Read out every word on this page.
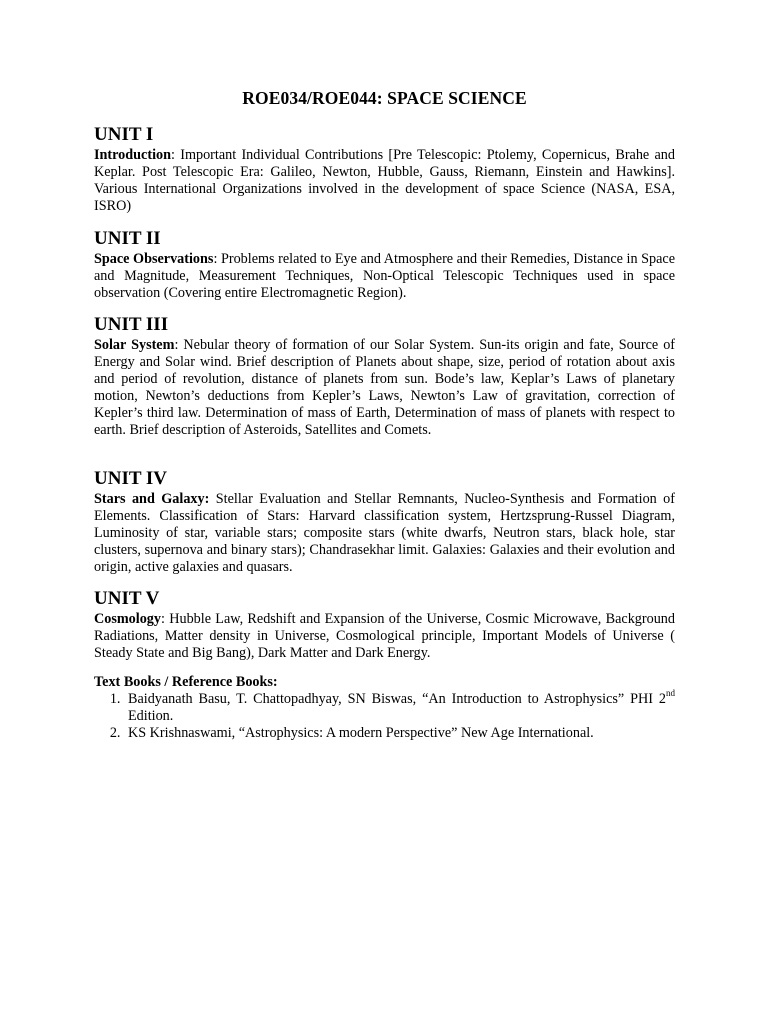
ROE034/ROE044: SPACE SCIENCE
UNIT I

Introduction: Important Individual Contributions [Pre Telescopic: Ptolemy, Copernicus, Brahe and Keplar. Post Telescopic Era: Galileo, Newton, Hubble, Gauss, Riemann, Einstein and Hawkins]. Various International Organizations involved in the development of space Science (NASA, ESA, ISRO)

UNIT II

Space Observations: Problems related to Eye and Atmosphere and their Remedies, Distance in Space and Magnitude, Measurement Techniques, Non-Optical Telescopic Techniques used in space observation (Covering entire Electromagnetic Region).

UNIT III

Solar System: Nebular theory of formation of our Solar System. Sun-its origin and fate, Source of Energy and Solar wind. Brief description of Planets about shape, size, period of rotation about axis and period of revolution, distance of planets from sun. Bode’s law, Keplar’s Laws of planetary motion, Newton’s deductions from Kepler’s Laws, Newton’s Law of gravitation, correction of Kepler’s third law. Determination of mass of Earth, Determination of mass of planets with respect to earth. Brief description of Asteroids, Satellites and Comets.

UNIT IV

Stars and Galaxy: Stellar Evaluation and Stellar Remnants, Nucleo-Synthesis and Formation of Elements. Classification of Stars: Harvard classification system, Hertzsprung-Russel Diagram, Luminosity of star, variable stars; composite stars (white dwarfs, Neutron stars, black hole, star clusters, supernova and binary stars); Chandrasekhar limit. Galaxies: Galaxies and their evolution and origin, active galaxies and quasars.

UNIT V

Cosmology: Hubble Law, Redshift and Expansion of the Universe, Cosmic Microwave, Background Radiations, Matter density in Universe, Cosmological principle, Important Models of Universe ( Steady State and Big Bang), Dark Matter and Dark Energy.

Text Books / Reference Books:

1. Baidyanath Basu, T. Chattopadhyay, SN Biswas, “An Introduction to Astrophysics” PHI 2nd Edition.
2. KS Krishnaswami, “Astrophysics: A modern Perspective” New Age International.
